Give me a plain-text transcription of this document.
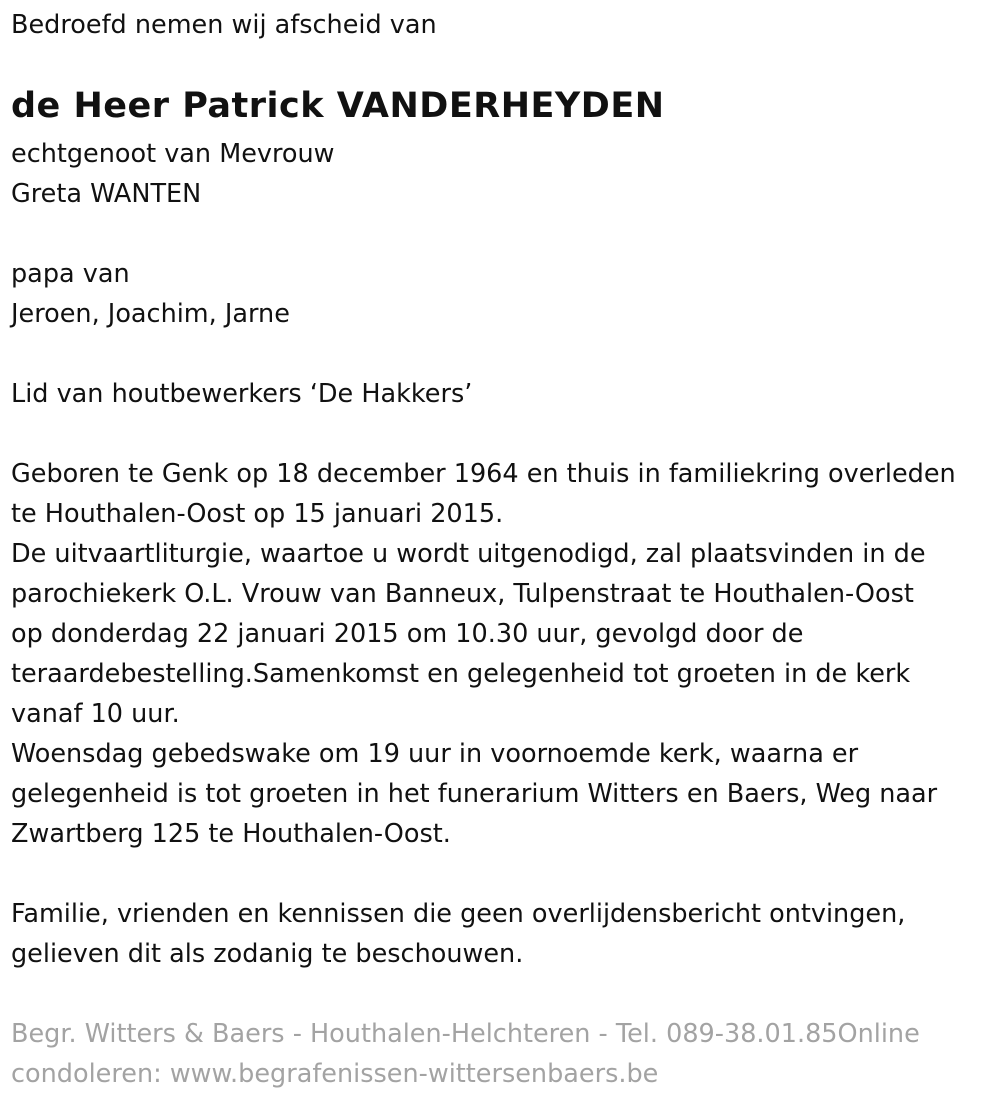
Bedroefd nemen wij afscheid van
de Heer Patrick VANDERHEYDEN
echtgenoot van Mevrouw
Greta WANTEN
papa van
Jeroen, Joachim, Jarne
Lid van houtbewerkers ‘De Hakkers’
Geboren te Genk op 18 december 1964 en thuis in familiekring overleden
te Houthalen-Oost op 15 januari 2015.
De uitvaartliturgie, waartoe u wordt uitgenodigd, zal plaatsvinden in de
parochiekerk O.L. Vrouw van Banneux, Tulpenstraat te Houthalen-Oost
op donderdag 22 januari 2015 om 10.30 uur, gevolgd door de
teraardebestelling.Samenkomst en gelegenheid tot groeten in de kerk
vanaf 10 uur.
Woensdag gebedswake om 19 uur in voornoemde kerk, waarna er
gelegenheid is tot groeten in het funerarium Witters en Baers, Weg naar
Zwartberg 125 te Houthalen-Oost.
Familie, vrienden en kennissen die geen overlijdensbericht ontvingen,
gelieven dit als zodanig te beschouwen.
Begr. Witters & Baers - Houthalen-Helchteren - Tel. 089-38.01.85Online
condoleren: www.begrafenissen-wittersenbaers.be
